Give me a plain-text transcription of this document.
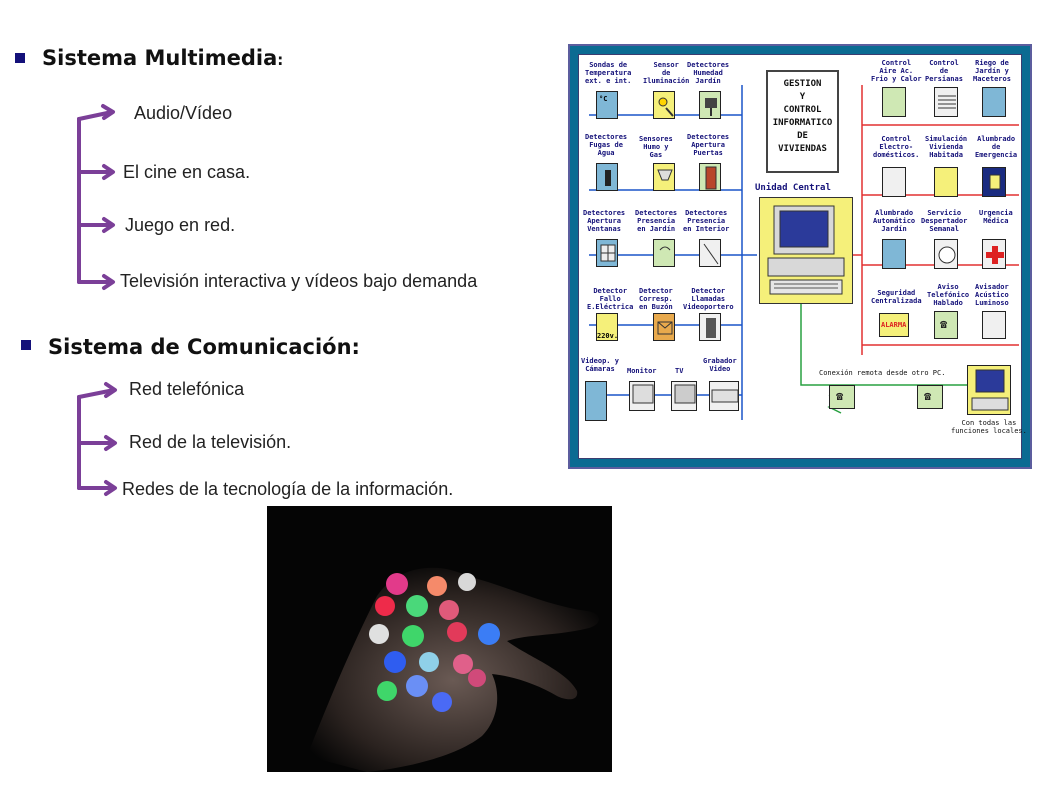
Sistema Multimedia:
Audio/Vídeo
El cine en casa.
Juego en red.
Televisión interactiva y vídeos bajo demanda
Sistema de Comunicación:
Red telefónica
Red de la televisión.
Redes de la tecnología de la información.
GESTION
Y
CONTROL
INFORMATICO
DE
VIVIENDAS
Unidad Central
Sondas de
Temperatura
ext. e int.
Sensor
de
Iluminación
Detectores
Humedad
Jardín
°C
Detectores
Fugas de
Agua
Sensores
Humo y
Gas
Detectores
Apertura
Puertas
Detectores
Apertura
Ventanas
Detectores
Presencia
en Jardín
Detectores
Presencia
en Interior
Detector
Fallo
E.Eléctrica
Detector
Corresp.
en Buzón
Detector
Llamadas
Videoportero
220v.
Videop. y
Cámaras	Monitor	TV
Grabador
Video
Control
Aire Ac.
Frio y Calor
Control
de
Persianas
Riego de
Jardín y
Maceteros
Control
Electro-
domésticos.
Simulación
Vivienda
Habitada
Alumbrado
de
Emergencia
Alumbrado
Automático
Jardín
Servicio
Despertador
Semanal
Urgencia
Médica
Seguridad
Centralizada
Aviso
Telefónico
Hablado
Avisador
Acústico
Luminoso
ALARMA	☎
Conexión remota desde otro PC.
☎	☎
Con todas las
funciones locales.
